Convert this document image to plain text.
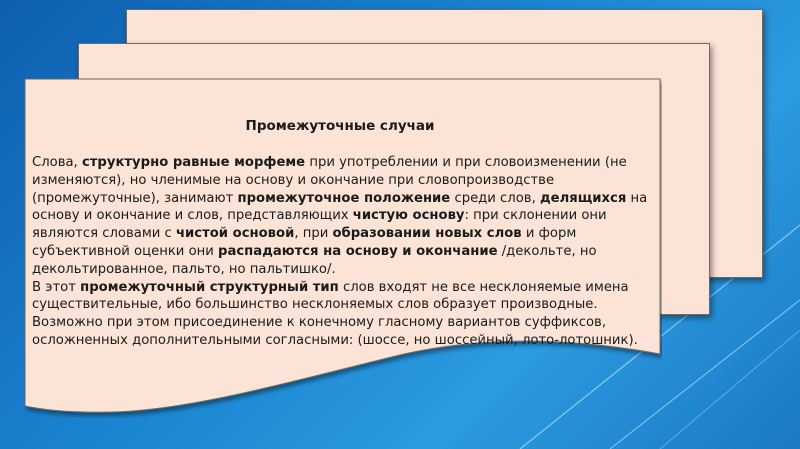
Промежуточные случаи
Слова, структурно равные морфеме при употреблении и при словоизменении (не изменяются), но членимые на основу и окончание при словопроизводстве (промежуточные), занимают промежуточное положение среди слов, делящихся на основу и окончание и слов, представляющих чистую основу: при склонении они являются словами с чистой основой, при образовании новых слов и форм субъективной оценки они распадаются на основу и окончание /декольте, но декольтированное, пальто, но пальтишко/.
В этот промежуточный структурный тип слов входят не все несклоняемые имена существительные, ибо большинство несклоняемых слов образует производные. Возможно при этом присоединение к конечному гласному вариантов суффиксов, осложненных дополнительными согласными: (шоссе, но шоссейный, лото-лотошник).
